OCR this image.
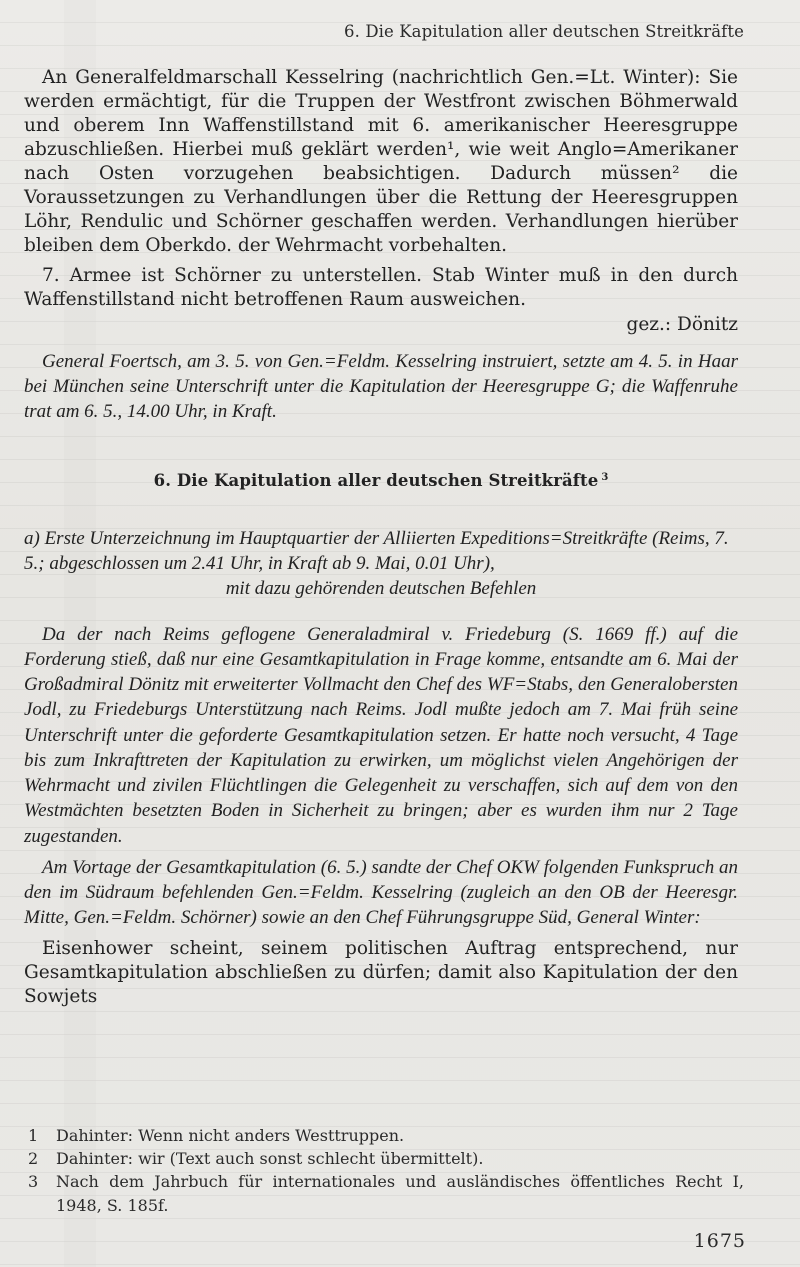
6. Die Kapitulation aller deutschen Streitkräfte

An Generalfeldmarschall Kesselring (nachrichtlich Gen.=Lt. Winter): Sie werden ermächtigt, für die Truppen der Westfront zwischen Böhmerwald und oberem Inn Waffenstillstand mit 6. amerikanischer Heeresgruppe abzuschließen. Hierbei muß geklärt werden¹, wie weit Anglo=Amerikaner nach Osten vorzugehen beabsichtigen. Dadurch müssen² die Voraussetzungen zu Verhandlungen über die Rettung der Heeresgruppen Löhr, Rendulic und Schörner geschaffen werden. Verhandlungen hierüber bleiben dem Oberkdo. der Wehrmacht vorbehalten.

7. Armee ist Schörner zu unterstellen. Stab Winter muß in den durch Waffenstillstand nicht betroffenen Raum ausweichen.

gez.: Dönitz

General Foertsch, am 3. 5. von Gen.=Feldm. Kesselring instruiert, setzte am 4. 5. in Haar bei München seine Unterschrift unter die Kapitulation der Heeresgruppe G; die Waffenruhe trat am 6. 5., 14.00 Uhr, in Kraft.

6. Die Kapitulation aller deutschen Streitkräfte $^3$

a) Erste Unterzeichnung im Hauptquartier der Alliierten Expeditions=Streitkräfte (Reims, 7. 5.; abgeschlossen um 2.41 Uhr, in Kraft ab 9. Mai, 0.01 Uhr),
mit dazu gehörenden deutschen Befehlen

Da der nach Reims geflogene Generaladmiral v. Friedeburg (S. 1669 ff.) auf die Forderung stieß, daß nur eine Gesamtkapitulation in Frage komme, entsandte am 6. Mai der Großadmiral Dönitz mit erweiterter Vollmacht den Chef des WF=Stabs, den Generalobersten Jodl, zu Friedeburgs Unterstützung nach Reims. Jodl mußte jedoch am 7. Mai früh seine Unterschrift unter die geforderte Gesamtkapitulation setzen. Er hatte noch versucht, 4 Tage bis zum Inkrafttreten der Kapitulation zu erwirken, um möglichst vielen Angehörigen der Wehrmacht und zivilen Flüchtlingen die Gelegenheit zu verschaffen, sich auf dem von den Westmächten besetzten Boden in Sicherheit zu bringen; aber es wurden ihm nur 2 Tage zugestanden.

Am Vortage der Gesamtkapitulation (6. 5.) sandte der Chef OKW folgenden Funkspruch an den im Südraum befehlenden Gen.=Feldm. Kesselring (zugleich an den OB der Heeresgr. Mitte, Gen.=Feldm. Schörner) sowie an den Chef Führungsgruppe Süd, General Winter:

Eisenhower scheint, seinem politischen Auftrag entsprechend, nur Gesamtkapitulation abschließen zu dürfen; damit also Kapitulation der den Sowjets

1 Dahinter: Wenn nicht anders Westtruppen.
2 Dahinter: wir (Text auch sonst schlecht übermittelt).
3 Nach dem Jahrbuch für internationales und ausländisches öffentliches Recht I, 1948, S. 185f.
1675
